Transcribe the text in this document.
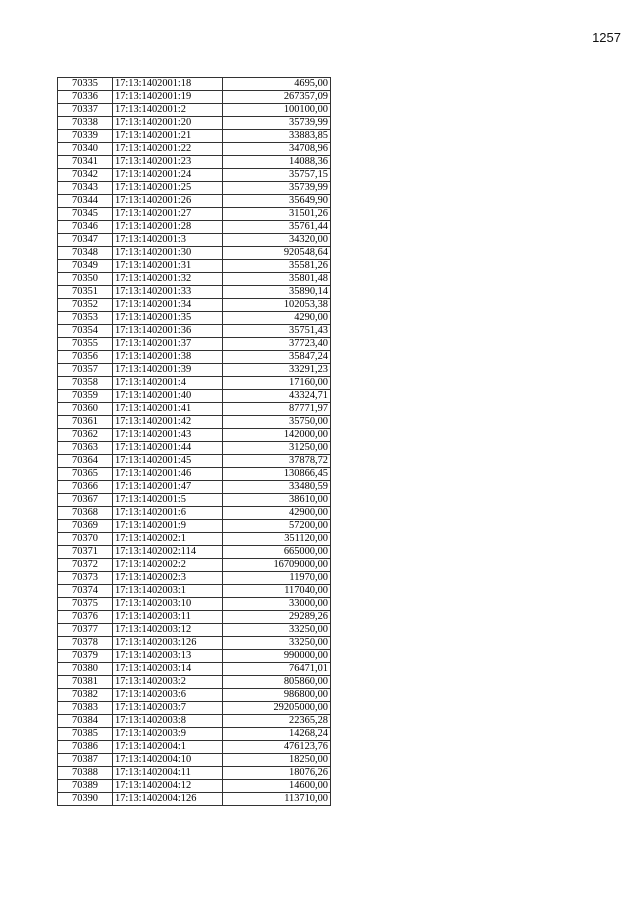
1257
70335	17:13:1402001:18	4695,00
70336	17:13:1402001:19	267357,09
70337	17:13:1402001:2	100100,00
70338	17:13:1402001:20	35739,99
70339	17:13:1402001:21	33883,85
70340	17:13:1402001:22	34708,96
70341	17:13:1402001:23	14088,36
70342	17:13:1402001:24	35757,15
70343	17:13:1402001:25	35739,99
70344	17:13:1402001:26	35649,90
70345	17:13:1402001:27	31501,26
70346	17:13:1402001:28	35761,44
70347	17:13:1402001:3	34320,00
70348	17:13:1402001:30	920548,64
70349	17:13:1402001:31	35581,26
70350	17:13:1402001:32	35801,48
70351	17:13:1402001:33	35890,14
70352	17:13:1402001:34	102053,38
70353	17:13:1402001:35	4290,00
70354	17:13:1402001:36	35751,43
70355	17:13:1402001:37	37723,40
70356	17:13:1402001:38	35847,24
70357	17:13:1402001:39	33291,23
70358	17:13:1402001:4	17160,00
70359	17:13:1402001:40	43324,71
70360	17:13:1402001:41	87771,97
70361	17:13:1402001:42	35750,00
70362	17:13:1402001:43	142000,00
70363	17:13:1402001:44	31250,00
70364	17:13:1402001:45	37878,72
70365	17:13:1402001:46	130866,45
70366	17:13:1402001:47	33480,59
70367	17:13:1402001:5	38610,00
70368	17:13:1402001:6	42900,00
70369	17:13:1402001:9	57200,00
70370	17:13:1402002:1	351120,00
70371	17:13:1402002:114	665000,00
70372	17:13:1402002:2	16709000,00
70373	17:13:1402002:3	11970,00
70374	17:13:1402003:1	117040,00
70375	17:13:1402003:10	33000,00
70376	17:13:1402003:11	29289,26
70377	17:13:1402003:12	33250,00
70378	17:13:1402003:126	33250,00
70379	17:13:1402003:13	990000,00
70380	17:13:1402003:14	76471,01
70381	17:13:1402003:2	805860,00
70382	17:13:1402003:6	986800,00
70383	17:13:1402003:7	29205000,00
70384	17:13:1402003:8	22365,28
70385	17:13:1402003:9	14268,24
70386	17:13:1402004:1	476123,76
70387	17:13:1402004:10	18250,00
70388	17:13:1402004:11	18076,26
70389	17:13:1402004:12	14600,00
70390	17:13:1402004:126	113710,00
